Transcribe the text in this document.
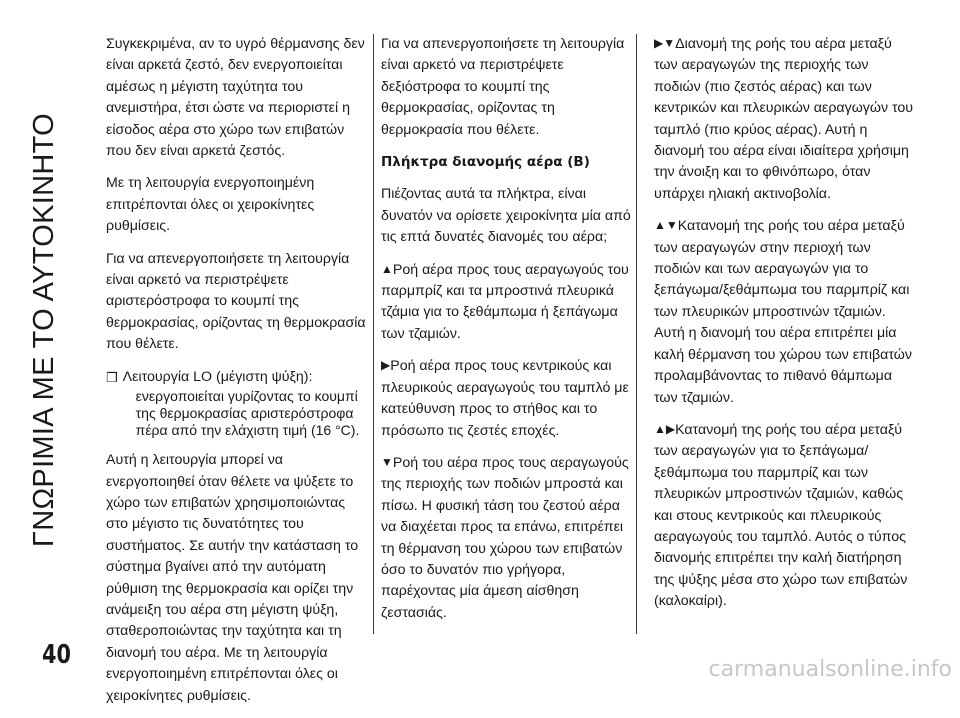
ΓΝΩΡΙΜΙΑ ΜΕ ΤΟ ΑΥΤΟΚΙΝΗΤΟ

Συγκεκριμένα, αν το υγρό θέρμανσης δεν είναι αρκετά ζεστό, δεν ενεργοποιείται αμέσως η μέγιστη ταχύτητα του ανεμιστήρα, έτσι ώστε να περιοριστεί η είσοδος αέρα στο χώρο των επιβατών που δεν είναι αρκετά ζεστός.

Με τη λειτουργία ενεργοποιημένη επιτρέπονται όλες οι χειροκίνητες ρυθμίσεις.

Για να απενεργοποιήσετε τη λειτουργία είναι αρκετό να περιστρέψετε αριστερόστροφα το κουμπί της θερμοκρασίας, ορίζοντας τη θερμοκρασία που θέλετε.

❒ Λειτουργία LO (μέγιστη ψύξη):

ενεργοποιείται γυρίζοντας το κουμπί της θερμοκρασίας αριστερόστροφα πέρα από την ελάχιστη τιμή (16 °C).

Αυτή η λειτουργία μπορεί να ενεργοποιηθεί όταν θέλετε να ψύξετε το χώρο των επιβατών χρησιμοποιώντας στο μέγιστο τις δυνατότητες του συστήματος. Σε αυτήν την κατάσταση το σύστημα βγαίνει από την αυτόματη ρύθμιση της θερμοκρασία και ορίζει την ανάμειξη του αέρα στη μέγιστη ψύξη, σταθεροποιώντας την ταχύτητα και τη διανομή του αέρα. Με τη λειτουργία ενεργοποιημένη επιτρέπονται όλες οι χειροκίνητες ρυθμίσεις.

Για να απενεργοποιήσετε τη λειτουργία είναι αρκετό να περιστρέψετε δεξιόστροφα το κουμπί της θερμοκρασίας, ορίζοντας τη θερμοκρασία που θέλετε.

Πλήκτρα διανομής αέρα (B)

Πιέζοντας αυτά τα πλήκτρα, είναι δυνατόν να ορίσετε χειροκίνητα μία από τις επτά δυνατές διανομές του αέρα;

▲Ροή αέρα προς τους αεραγωγούς του παρμπρίζ και τα μπροστινά πλευρικά τζάμια για το ξεθάμπωμα ή ξεπάγωμα των τζαμιών.

▶Ροή αέρα προς τους κεντρικούς και πλευρικούς αεραγωγούς του ταμπλό με κατεύθυνση προς το στήθος και το πρόσωπο τις ζεστές εποχές.

▼Ροή του αέρα προς τους αεραγωγούς της περιοχής των ποδιών μπροστά και πίσω. Η φυσική τάση του ζεστού αέρα να διαχέεται προς τα επάνω, επιτρέπει τη θέρμανση του χώρου των επιβατών όσο το δυνατόν πιο γρήγορα, παρέχοντας μία άμεση αίσθηση ζεστασιάς.

▶▼Διανομή της ροής του αέρα μεταξύ των αεραγωγών της περιοχής των ποδιών (πιο ζεστός αέρας) και των κεντρικών και πλευρικών αεραγωγών του ταμπλό (πιο κρύος αέρας). Αυτή η διανομή του αέρα είναι ιδιαίτερα χρήσιμη την άνοιξη και το φθινόπωρο, όταν υπάρχει ηλιακή ακτινοβολία.

▲▼Κατανομή της ροής του αέρα μεταξύ των αεραγωγών στην περιοχή των ποδιών και των αεραγωγών για το ξεπάγωμα/ξεθάμπωμα του παρμπρίζ και των πλευρικών μπροστινών τζαμιών. Αυτή η διανομή του αέρα επιτρέπει μία καλή θέρμανση του χώρου των επιβατών προλαμβάνοντας το πιθανό θάμπωμα των τζαμιών.

▲▶Κατανομή της ροής του αέρα μεταξύ των αεραγωγών για το ξεπάγωμα/ξεθάμπωμα του παρμπρίζ και των πλευρικών μπροστινών τζαμιών, καθώς και στους κεντρικούς και πλευρικούς αεραγωγούς του ταμπλό. Αυτός ο τύπος διανομής επιτρέπει την καλή διατήρηση της ψύξης μέσα στο χώρο των επιβατών (καλοκαίρι).

40	carmanualsonline.info
